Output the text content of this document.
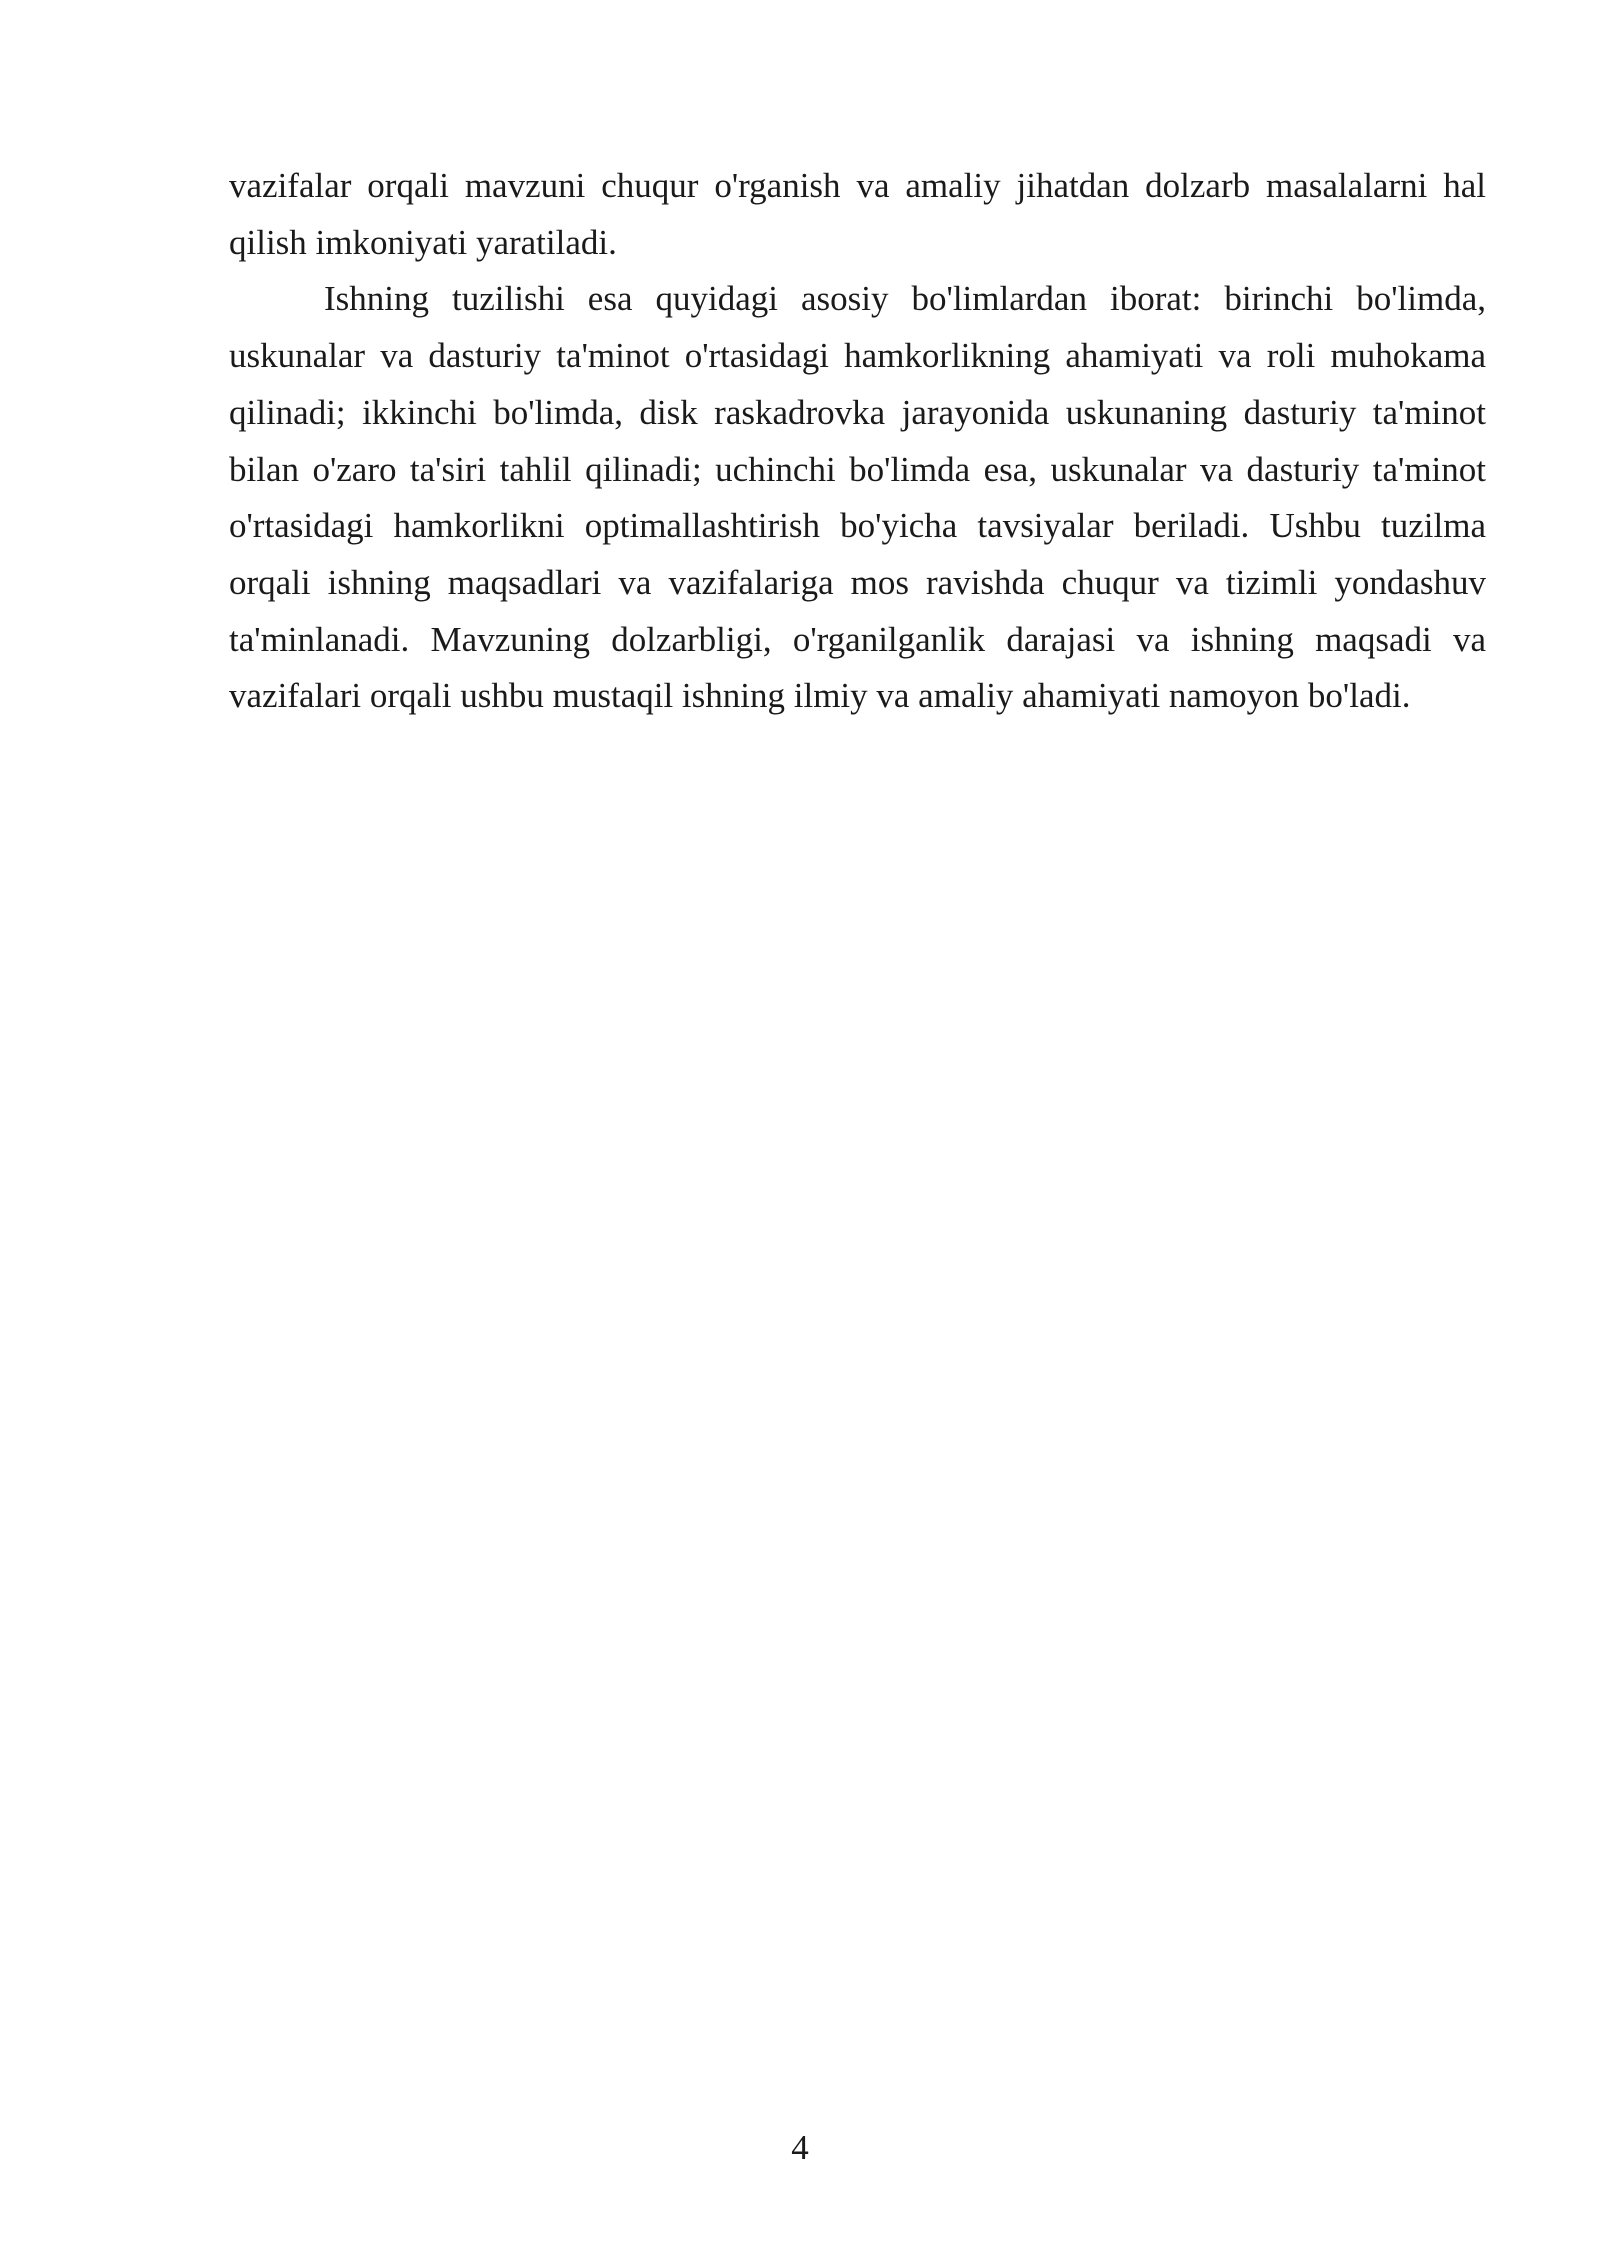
vazifalar orqali mavzuni chuqur o'rganish va amaliy jihatdan dolzarb masalalarni hal qilish imkoniyati yaratiladi.

Ishning tuzilishi esa quyidagi asosiy bo'limlardan iborat: birinchi bo'limda, uskunalar va dasturiy ta'minot o'rtasidagi hamkorlikning ahamiyati va roli muhokama qilinadi; ikkinchi bo'limda, disk raskadrovka jarayonida uskunaning dasturiy ta'minot bilan o'zaro ta'siri tahlil qilinadi; uchinchi bo'limda esa, uskunalar va dasturiy ta'minot o'rtasidagi hamkorlikni optimallashtirish bo'yicha tavsiyalar beriladi. Ushbu tuzilma orqali ishning maqsadlari va vazifalariga mos ravishda chuqur va tizimli yondashuv ta'minlanadi. Mavzuning dolzarbligi, o'rganilganlik darajasi va ishning maqsadi va vazifalari orqali ushbu mustaqil ishning ilmiy va amaliy ahamiyati namoyon bo'ladi.

4
